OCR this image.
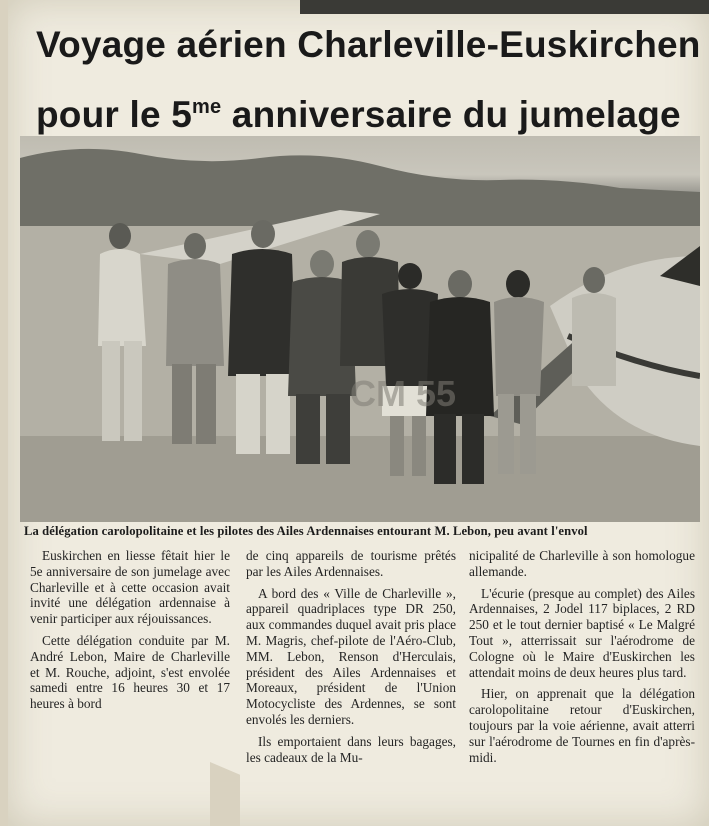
Voyage aérien Charleville-Euskirchen
pour le $5^{me}$ anniversaire du jumelage
CM 55
La délégation carolopolitaine et les pilotes des Ailes Ardennaises entourant M. Lebon, peu avant l'envol

Euskirchen en liesse fêtait hier le 5e anniversaire de son jumelage avec Charleville et à cette occasion avait invité une délégation ardennaise à venir participer aux réjouissances.

Cette délégation conduite par M. André Lebon, Maire de Charleville et M. Rouche, adjoint, s'est envolée samedi entre 16 heures 30 et 17 heures à bord

de cinq appareils de tourisme prêtés par les Ailes Ardennaises.

A bord des « Ville de Charleville », appareil quadriplaces type DR 250, aux commandes duquel avait pris place M. Magris, chef-pilote de l'Aéro-Club, MM. Lebon, Renson d'Herculais, président des Ailes Ardennaises et Moreaux, président de l'Union Motocycliste des Ardennes, se sont envolés les derniers.

Ils emportaient dans leurs bagages, les cadeaux de la Mu-

nicipalité de Charleville à son homologue allemande.

L'écurie (presque au complet) des Ailes Ardennaises, 2 Jodel 117 biplaces, 2 RD 250 et le tout dernier baptisé « Le Malgré Tout », atterrissait sur l'aérodrome de Cologne où le Maire d'Euskirchen les attendait moins de deux heures plus tard.

Hier, on apprenait que la délégation carolopolitaine retour d'Euskirchen, toujours par la voie aérienne, avait atterri sur l'aérodrome de Tournes en fin d'après-midi.
